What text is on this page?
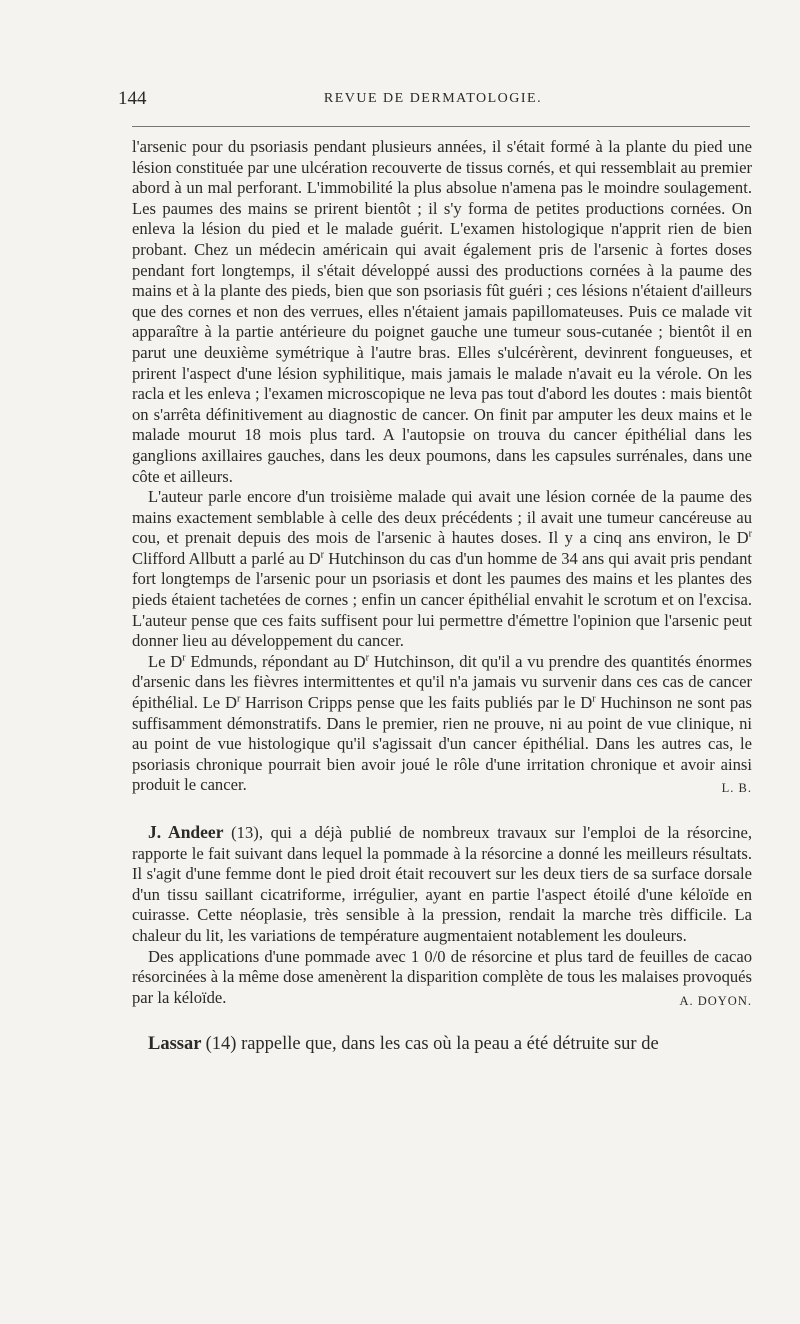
144	REVUE DE DERMATOLOGIE.

l'arsenic pour du psoriasis pendant plusieurs années, il s'était formé à la plante du pied une lésion constituée par une ulcération recouverte de tissus cornés, et qui ressemblait au premier abord à un mal perforant. L'immobilité la plus absolue n'amena pas le moindre soulagement. Les paumes des mains se prirent bientôt ; il s'y forma de petites productions cornées. On enleva la lésion du pied et le malade guérit. L'examen histologique n'apprit rien de bien probant. Chez un médecin américain qui avait également pris de l'arsenic à fortes doses pendant fort longtemps, il s'était développé aussi des productions cornées à la paume des mains et à la plante des pieds, bien que son psoriasis fût guéri ; ces lésions n'étaient d'ailleurs que des cornes et non des verrues, elles n'étaient jamais papillomateuses. Puis ce malade vit apparaître à la partie antérieure du poignet gauche une tumeur sous-cutanée ; bientôt il en parut une deuxième symétrique à l'autre bras. Elles s'ulcérèrent, devinrent fongueuses, et prirent l'aspect d'une lésion syphilitique, mais jamais le malade n'avait eu la vérole. On les racla et les enleva ; l'examen microscopique ne leva pas tout d'abord les doutes : mais bientôt on s'arrêta définitivement au diagnostic de cancer. On finit par amputer les deux mains et le malade mourut 18 mois plus tard. A l'autopsie on trouva du cancer épithélial dans les ganglions axillaires gauches, dans les deux poumons, dans les capsules surrénales, dans une côte et ailleurs.

L'auteur parle encore d'un troisième malade qui avait une lésion cornée de la paume des mains exactement semblable à celle des deux précédents ; il avait une tumeur cancéreuse au cou, et prenait depuis des mois de l'arsenic à hautes doses. Il y a cinq ans environ, le $D^r$ Clifford Allbutt a parlé au $D^r$ Hutchinson du cas d'un homme de 34 ans qui avait pris pendant fort longtemps de l'arsenic pour un psoriasis et dont les paumes des mains et les plantes des pieds étaient tachetées de cornes ; enfin un cancer épithélial envahit le scrotum et on l'excisa. L'auteur pense que ces faits suffisent pour lui permettre d'émettre l'opinion que l'arsenic peut donner lieu au développement du cancer.

Le $D^r$ Edmunds, répondant au $D^r$ Hutchinson, dit qu'il a vu prendre des quantités énormes d'arsenic dans les fièvres intermittentes et qu'il n'a jamais vu survenir dans ces cas de cancer épithélial. Le $D^r$ Harrison Cripps pense que les faits publiés par le $D^r$ Huchinson ne sont pas suffisamment démonstratifs. Dans le premier, rien ne prouve, ni au point de vue clinique, ni au point de vue histologique qu'il s'agissait d'un cancer épithélial. Dans les autres cas, le psoriasis chronique pourrait bien avoir joué le rôle d'une irritation chronique et avoir ainsi produit le cancer.	L. B.

J. Andeer (13), qui a déjà publié de nombreux travaux sur l'emploi de la résorcine, rapporte le fait suivant dans lequel la pommade à la résorcine a donné les meilleurs résultats. Il s'agit d'une femme dont le pied droit était recouvert sur les deux tiers de sa surface dorsale d'un tissu saillant cicatriforme, irrégulier, ayant en partie l'aspect étoilé d'une kéloïde en cuirasse. Cette néoplasie, très sensible à la pression, rendait la marche très difficile. La chaleur du lit, les variations de température augmentaient notablement les douleurs.

Des applications d'une pommade avec 1 0/0 de résorcine et plus tard de feuilles de cacao résorcinées à la même dose amenèrent la disparition complète de tous les malaises provoqués par la kéloïde.	A. DOYON.

Lassar (14) rappelle que, dans les cas où la peau a été détruite sur de
